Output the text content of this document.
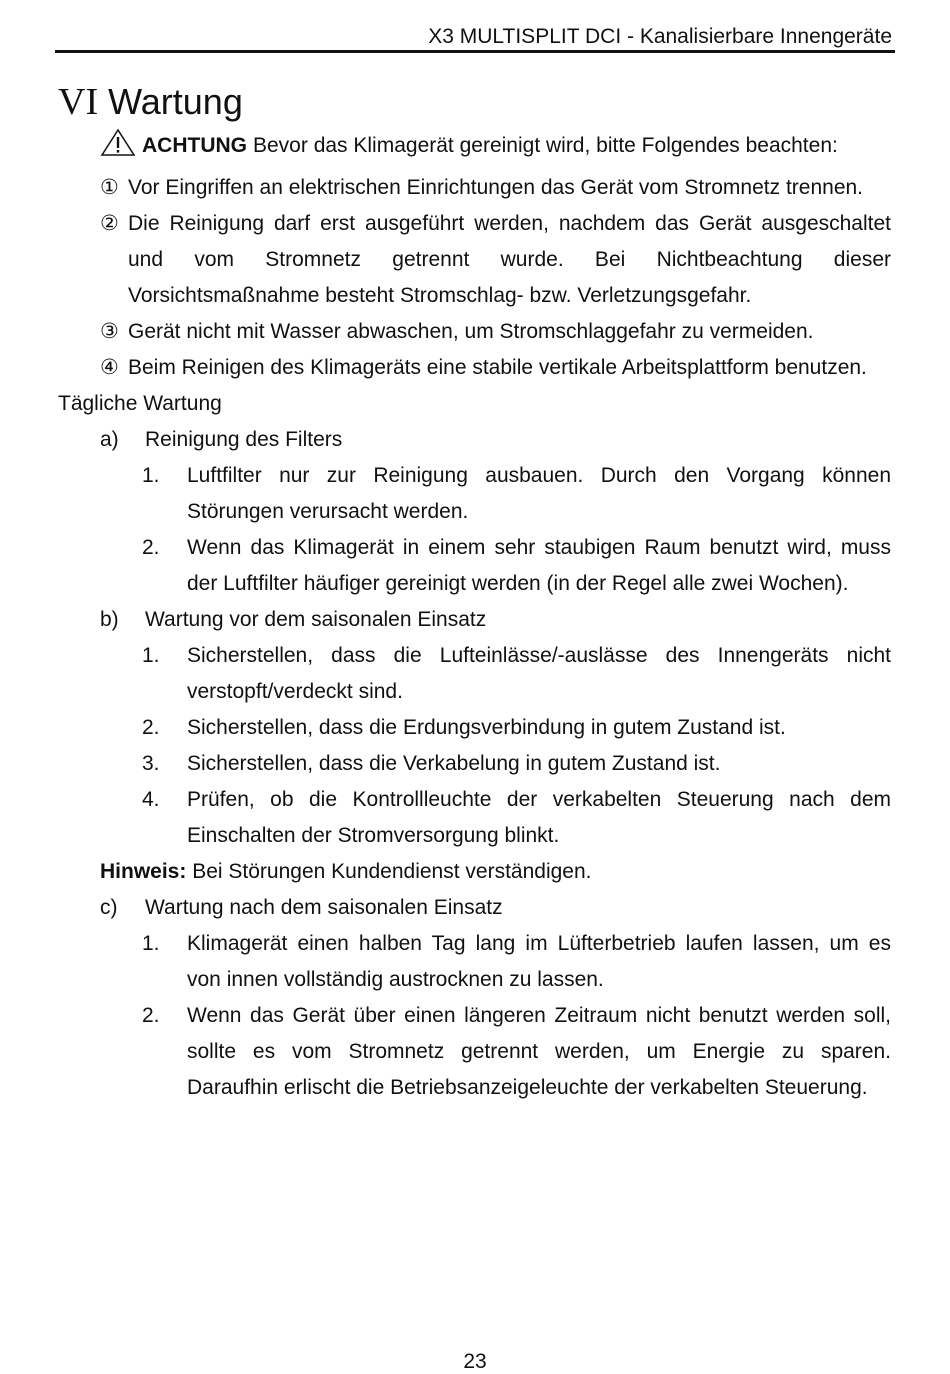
X3 MULTISPLIT DCI - Kanalisierbare Innengeräte
VI Wartung
ACHTUNG Bevor das Klimagerät gereinigt wird, bitte Folgendes beachten:
① Vor Eingriffen an elektrischen Einrichtungen das Gerät vom Stromnetz trennen.
② Die Reinigung darf erst ausgeführt werden, nachdem das Gerät ausgeschaltet
und vom Stromnetz getrennt wurde. Bei Nichtbeachtung dieser
Vorsichtsmaßnahme besteht Stromschlag- bzw. Verletzungsgefahr.
③ Gerät nicht mit Wasser abwaschen, um Stromschlaggefahr zu vermeiden.
④ Beim Reinigen des Klimageräts eine stabile vertikale Arbeitsplattform benutzen.
Tägliche Wartung
a) Reinigung des Filters
1. Luftfilter nur zur Reinigung ausbauen. Durch den Vorgang können
Störungen verursacht werden.
2. Wenn das Klimagerät in einem sehr staubigen Raum benutzt wird, muss
der Luftfilter häufiger gereinigt werden (in der Regel alle zwei Wochen).
b) Wartung vor dem saisonalen Einsatz
1. Sicherstellen, dass die Lufteinlässe/-auslässe des Innengeräts nicht
verstopft/verdeckt sind.
2. Sicherstellen, dass die Erdungsverbindung in gutem Zustand ist.
3. Sicherstellen, dass die Verkabelung in gutem Zustand ist.
4. Prüfen, ob die Kontrollleuchte der verkabelten Steuerung nach dem
Einschalten der Stromversorgung blinkt.
Hinweis: Bei Störungen Kundendienst verständigen.
c) Wartung nach dem saisonalen Einsatz
1. Klimagerät einen halben Tag lang im Lüfterbetrieb laufen lassen, um es
von innen vollständig austrocknen zu lassen.
2. Wenn das Gerät über einen längeren Zeitraum nicht benutzt werden soll,
sollte es vom Stromnetz getrennt werden, um Energie zu sparen.
Daraufhin erlischt die Betriebsanzeigeleuchte der verkabelten Steuerung.
23
